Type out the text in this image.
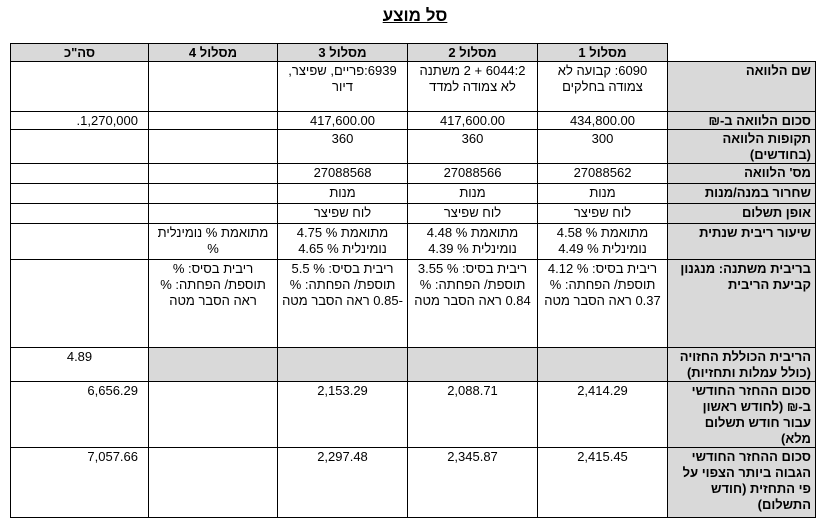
סל מוצע
	מסלול 1	מסלול 2	מסלול 3	מסלול 4	סה"כ
שם הלוואה	6090: קבועה לא צמודה בחלקים	6044:2 + 2 משתנה לא צמודה למדד	6939:פריים, שפיצר, דיור		
סכום הלוואה ב-₪	434,800.00	417,600.00	417,600.00		1,270,000.
תקופות הלוואה (בחודשים)	300	360	360		
מס' הלוואה	27088562	27088566	27088568		
שחרור במנה/מנות	מנות	מנות	מנות		
אופן תשלום	לוח שפיצר	לוח שפיצר	לוח שפיצר		
שיעור ריבית שנתית	מתואמת % 4.58 נומינלית % 4.49	מתואמת % 4.48 נומינלית % 4.39	מתואמת % 4.75 נומינלית % 4.65	מתואמת % נומינלית %	
בריבית משתנה: מנגנון קביעת הריבית	ריבית בסיס: % 4.12 תוספת/ הפחתה: % 0.37 ראה הסבר מטה	ריבית בסיס: % 3.55 תוספת/ הפחתה: % 0.84 ראה הסבר מטה	ריבית בסיס: % 5.5 תוספת/ הפחתה: % -0.85 ראה הסבר מטה	ריבית בסיס: % תוספת/ הפחתה: % ראה הסבר מטה	
הריבית הכוללת החזויה (כולל עמלות ותחזיות)					4.89
סכום ההחזר החודשי ב-₪ (לחודש ראשון עבור חודש תשלום מלא)	2,414.29	2,088.71	2,153.29		6,656.29
סכום ההחזר החודשי הגבוה ביותר הצפוי על פי התחזית (חודש התשלום)	2,415.45	2,345.87	2,297.48		7,057.66
